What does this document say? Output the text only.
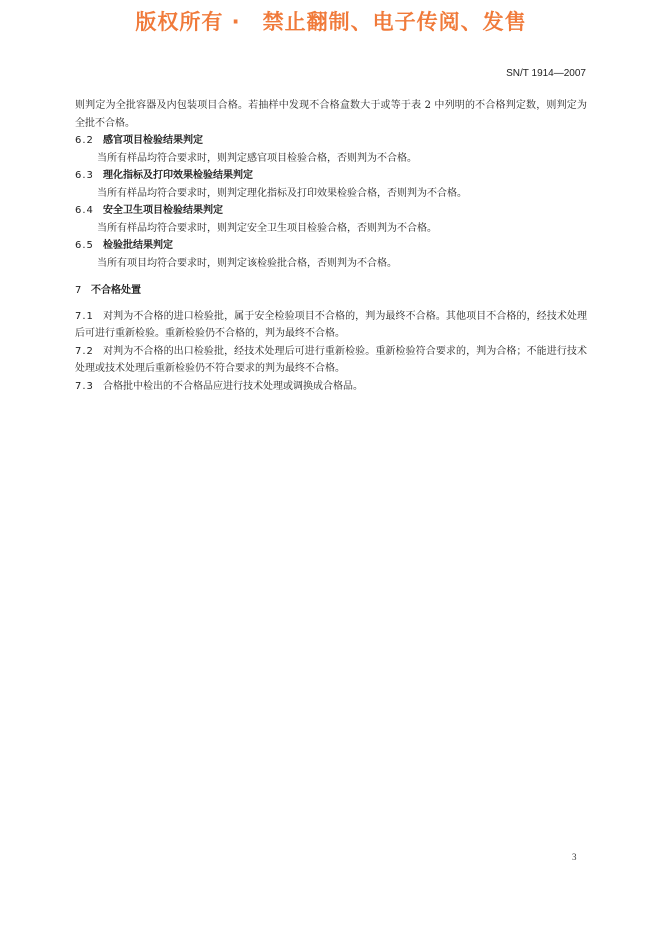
版权所有 ·　禁止翻制、电子传阅、发售
SN/T 1914—2007

则判定为全批容器及内包装项目合格。若抽样中发现不合格盒数大于或等于表 2 中列明的不合格判定数，则判定为全批不合格。

6.2 感官项目检验结果判定

当所有样品均符合要求时，则判定感官项目检验合格，否则判为不合格。

6.3 理化指标及打印效果检验结果判定

当所有样品均符合要求时，则判定理化指标及打印效果检验合格，否则判为不合格。

6.4 安全卫生项目检验结果判定

当所有样品均符合要求时，则判定安全卫生项目检验合格，否则判为不合格。

6.5 检验批结果判定

当所有项目均符合要求时，则判定该检验批合格，否则判为不合格。

7 不合格处置

7.1 对判为不合格的进口检验批，属于安全检验项目不合格的，判为最终不合格。其他项目不合格的，经技术处理后可进行重新检验。重新检验仍不合格的，判为最终不合格。

7.2 对判为不合格的出口检验批，经技术处理后可进行重新检验。重新检验符合要求的，判为合格；不能进行技术处理或技术处理后重新检验仍不符合要求的判为最终不合格。

7.3 合格批中检出的不合格品应进行技术处理或调换成合格品。

3
